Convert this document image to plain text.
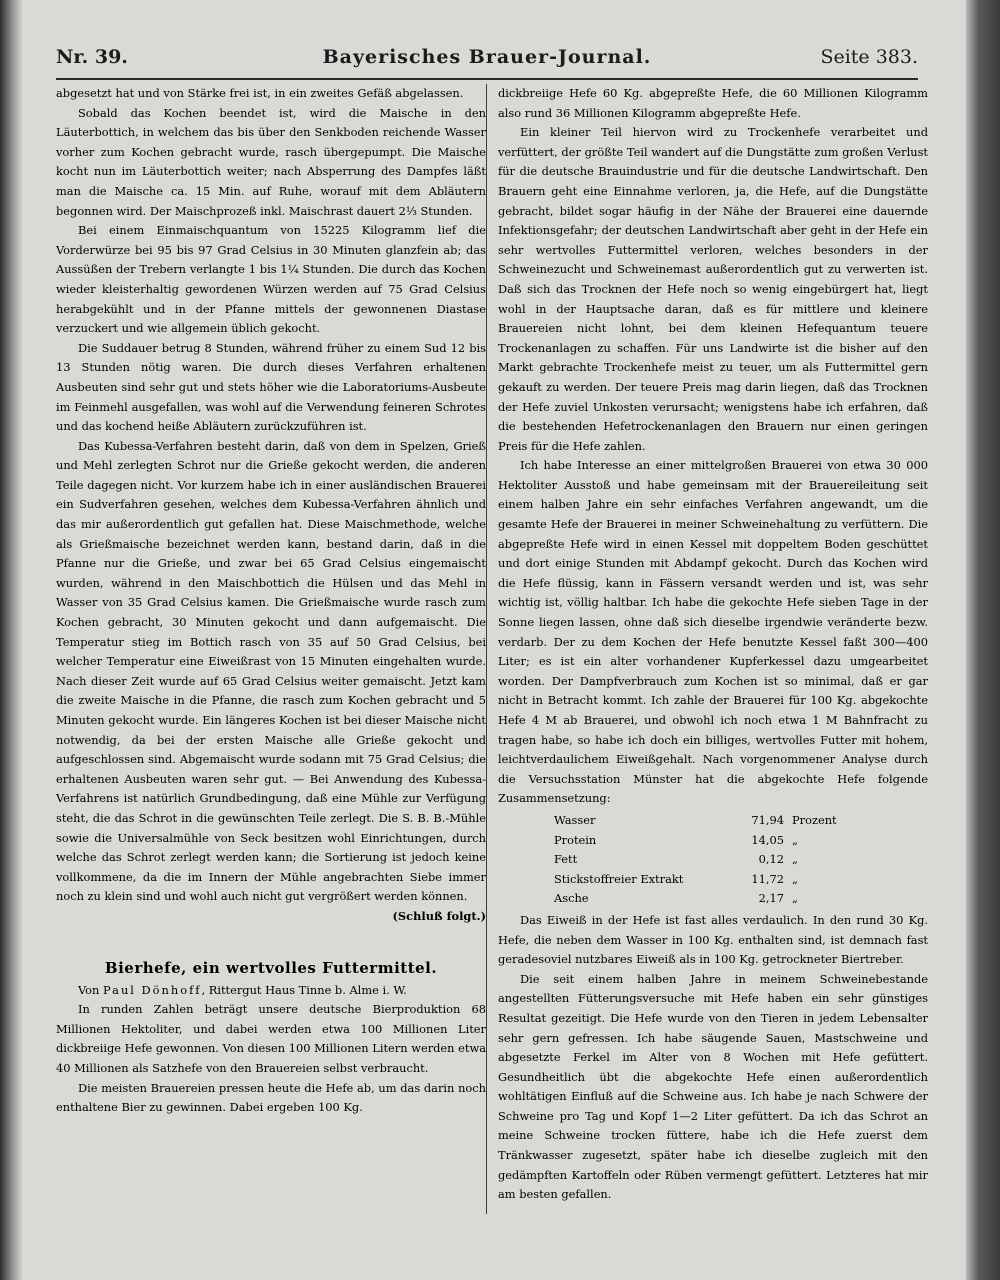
Nr. 39.	Bayerisches Brauer-Journal.	Seite 383.

abgesetzt hat und von Stärke frei ist, in ein zweites Gefäß abgelassen.

Sobald das Kochen beendet ist, wird die Maische in den Läuterbottich, in welchem das bis über den Senkboden reichende Wasser vorher zum Kochen gebracht wurde, rasch übergepumpt. Die Maische kocht nun im Läuterbottich weiter; nach Absperrung des Dampfes läßt man die Maische ca. 15 Min. auf Ruhe, worauf mit dem Abläutern begonnen wird. Der Maischprozeß inkl. Maischrast dauert 2⅓ Stunden.

Bei einem Einmaischquantum von 15225 Kilogramm lief die Vorderwürze bei 95 bis 97 Grad Celsius in 30 Minuten glanzfein ab; das Aussüßen der Trebern verlangte 1 bis 1¼ Stunden. Die durch das Kochen wieder kleisterhaltig gewordenen Würzen werden auf 75 Grad Celsius herabgekühlt und in der Pfanne mittels der gewonnenen Diastase verzuckert und wie allgemein üblich gekocht.

Die Suddauer betrug 8 Stunden, während früher zu einem Sud 12 bis 13 Stunden nötig waren. Die durch dieses Verfahren erhaltenen Ausbeuten sind sehr gut und stets höher wie die Laboratoriums-Ausbeute im Feinmehl ausgefallen, was wohl auf die Verwendung feineren Schrotes und das kochend heiße Abläutern zurückzuführen ist.

Das Kubessa-Verfahren besteht darin, daß von dem in Spelzen, Grieß und Mehl zerlegten Schrot nur die Grieße gekocht werden, die anderen Teile dagegen nicht. Vor kurzem habe ich in einer ausländischen Brauerei ein Sudverfahren gesehen, welches dem Kubessa-Verfahren ähnlich und das mir außerordentlich gut gefallen hat. Diese Maischmethode, welche als Grießmaische bezeichnet werden kann, bestand darin, daß in die Pfanne nur die Grieße, und zwar bei 65 Grad Celsius eingemaischt wurden, während in den Maischbottich die Hülsen und das Mehl in Wasser von 35 Grad Celsius kamen. Die Grießmaische wurde rasch zum Kochen gebracht, 30 Minuten gekocht und dann aufgemaischt. Die Temperatur stieg im Bottich rasch von 35 auf 50 Grad Celsius, bei welcher Temperatur eine Eiweißrast von 15 Minuten eingehalten wurde. Nach dieser Zeit wurde auf 65 Grad Celsius weiter gemaischt. Jetzt kam die zweite Maische in die Pfanne, die rasch zum Kochen gebracht und 5 Minuten gekocht wurde. Ein längeres Kochen ist bei dieser Maische nicht notwendig, da bei der ersten Maische alle Grieße gekocht und aufgeschlossen sind. Abgemaischt wurde sodann mit 75 Grad Celsius; die erhaltenen Ausbeuten waren sehr gut. — Bei Anwendung des Kubessa-Verfahrens ist natürlich Grundbedingung, daß eine Mühle zur Verfügung steht, die das Schrot in die gewünschten Teile zerlegt. Die S. B. B.-Mühle sowie die Universalmühle von Seck besitzen wohl Einrichtungen, durch welche das Schrot zerlegt werden kann; die Sortierung ist jedoch keine vollkommene, da die im Innern der Mühle angebrachten Siebe immer noch zu klein sind und wohl auch nicht gut vergrößert werden können.

(Schluß folgt.)

Bierhefe, ein wertvolles Futtermittel.

Von Paul Dönhoff, Rittergut Haus Tinne b. Alme i. W.

In runden Zahlen beträgt unsere deutsche Bierproduktion 68 Millionen Hektoliter, und dabei werden etwa 100 Millionen Liter dickbreiige Hefe gewonnen. Von diesen 100 Millionen Litern werden etwa 40 Millionen als Satzhefe von den Brauereien selbst verbraucht.

Die meisten Brauereien pressen heute die Hefe ab, um das darin noch enthaltene Bier zu gewinnen. Dabei ergeben 100 Kg.

dickbreiige Hefe 60 Kg. abgepreßte Hefe, die 60 Millionen Kilogramm also rund 36 Millionen Kilogramm abgepreßte Hefe.

Ein kleiner Teil hiervon wird zu Trockenhefe verarbeitet und verfüttert, der größte Teil wandert auf die Dungstätte zum großen Verlust für die deutsche Brauindustrie und für die deutsche Landwirtschaft. Den Brauern geht eine Einnahme verloren, ja, die Hefe, auf die Dungstätte gebracht, bildet sogar häufig in der Nähe der Brauerei eine dauernde Infektionsgefahr; der deutschen Landwirtschaft aber geht in der Hefe ein sehr wertvolles Futtermittel verloren, welches besonders in der Schweinezucht und Schweinemast außerordentlich gut zu verwerten ist. Daß sich das Trocknen der Hefe noch so wenig eingebürgert hat, liegt wohl in der Hauptsache daran, daß es für mittlere und kleinere Brauereien nicht lohnt, bei dem kleinen Hefequantum teuere Trockenanlagen zu schaffen. Für uns Landwirte ist die bisher auf den Markt gebrachte Trockenhefe meist zu teuer, um als Futtermittel gern gekauft zu werden. Der teuere Preis mag darin liegen, daß das Trocknen der Hefe zuviel Unkosten verursacht; wenigstens habe ich erfahren, daß die bestehenden Hefetrockenanlagen den Brauern nur einen geringen Preis für die Hefe zahlen.

Ich habe Interesse an einer mittelgroßen Brauerei von etwa 30 000 Hektoliter Ausstoß und habe gemeinsam mit der Brauereileitung seit einem halben Jahre ein sehr einfaches Verfahren angewandt, um die gesamte Hefe der Brauerei in meiner Schweinehaltung zu verfüttern. Die abgepreßte Hefe wird in einen Kessel mit doppeltem Boden geschüttet und dort einige Stunden mit Abdampf gekocht. Durch das Kochen wird die Hefe flüssig, kann in Fässern versandt werden und ist, was sehr wichtig ist, völlig haltbar. Ich habe die gekochte Hefe sieben Tage in der Sonne liegen lassen, ohne daß sich dieselbe irgendwie veränderte bezw. verdarb. Der zu dem Kochen der Hefe benutzte Kessel faßt 300—400 Liter; es ist ein alter vorhandener Kupferkessel dazu umgearbeitet worden. Der Dampfverbrauch zum Kochen ist so minimal, daß er gar nicht in Betracht kommt. Ich zahle der Brauerei für 100 Kg. abgekochte Hefe 4 M ab Brauerei, und obwohl ich noch etwa 1 M Bahnfracht zu tragen habe, so habe ich doch ein billiges, wertvolles Futter mit hohem, leichtverdaulichem Eiweißgehalt. Nach vorgenommener Analyse durch die Versuchsstation Münster hat die abgekochte Hefe folgende Zusammensetzung:

Wasser	71,94	Prozent
Protein	14,05	„
Fett	0,12	„
Stickstoffreier Extrakt	11,72	„
Asche	2,17	„

Das Eiweiß in der Hefe ist fast alles verdaulich. In den rund 30 Kg. Hefe, die neben dem Wasser in 100 Kg. enthalten sind, ist demnach fast geradesoviel nutzbares Eiweiß als in 100 Kg. getrockneter Biertreber.

Die seit einem halben Jahre in meinem Schweinebestande angestellten Fütterungsversuche mit Hefe haben ein sehr günstiges Resultat gezeitigt. Die Hefe wurde von den Tieren in jedem Lebensalter sehr gern gefressen. Ich habe säugende Sauen, Mastschweine und abgesetzte Ferkel im Alter von 8 Wochen mit Hefe gefüttert. Gesundheitlich übt die abgekochte Hefe einen außerordentlich wohltätigen Einfluß auf die Schweine aus. Ich habe je nach Schwere der Schweine pro Tag und Kopf 1—2 Liter gefüttert. Da ich das Schrot an meine Schweine trocken füttere, habe ich die Hefe zuerst dem Tränkwasser zugesetzt, später habe ich dieselbe zugleich mit den gedämpften Kartoffeln oder Rüben vermengt gefüttert. Letzteres hat mir am besten gefallen.
